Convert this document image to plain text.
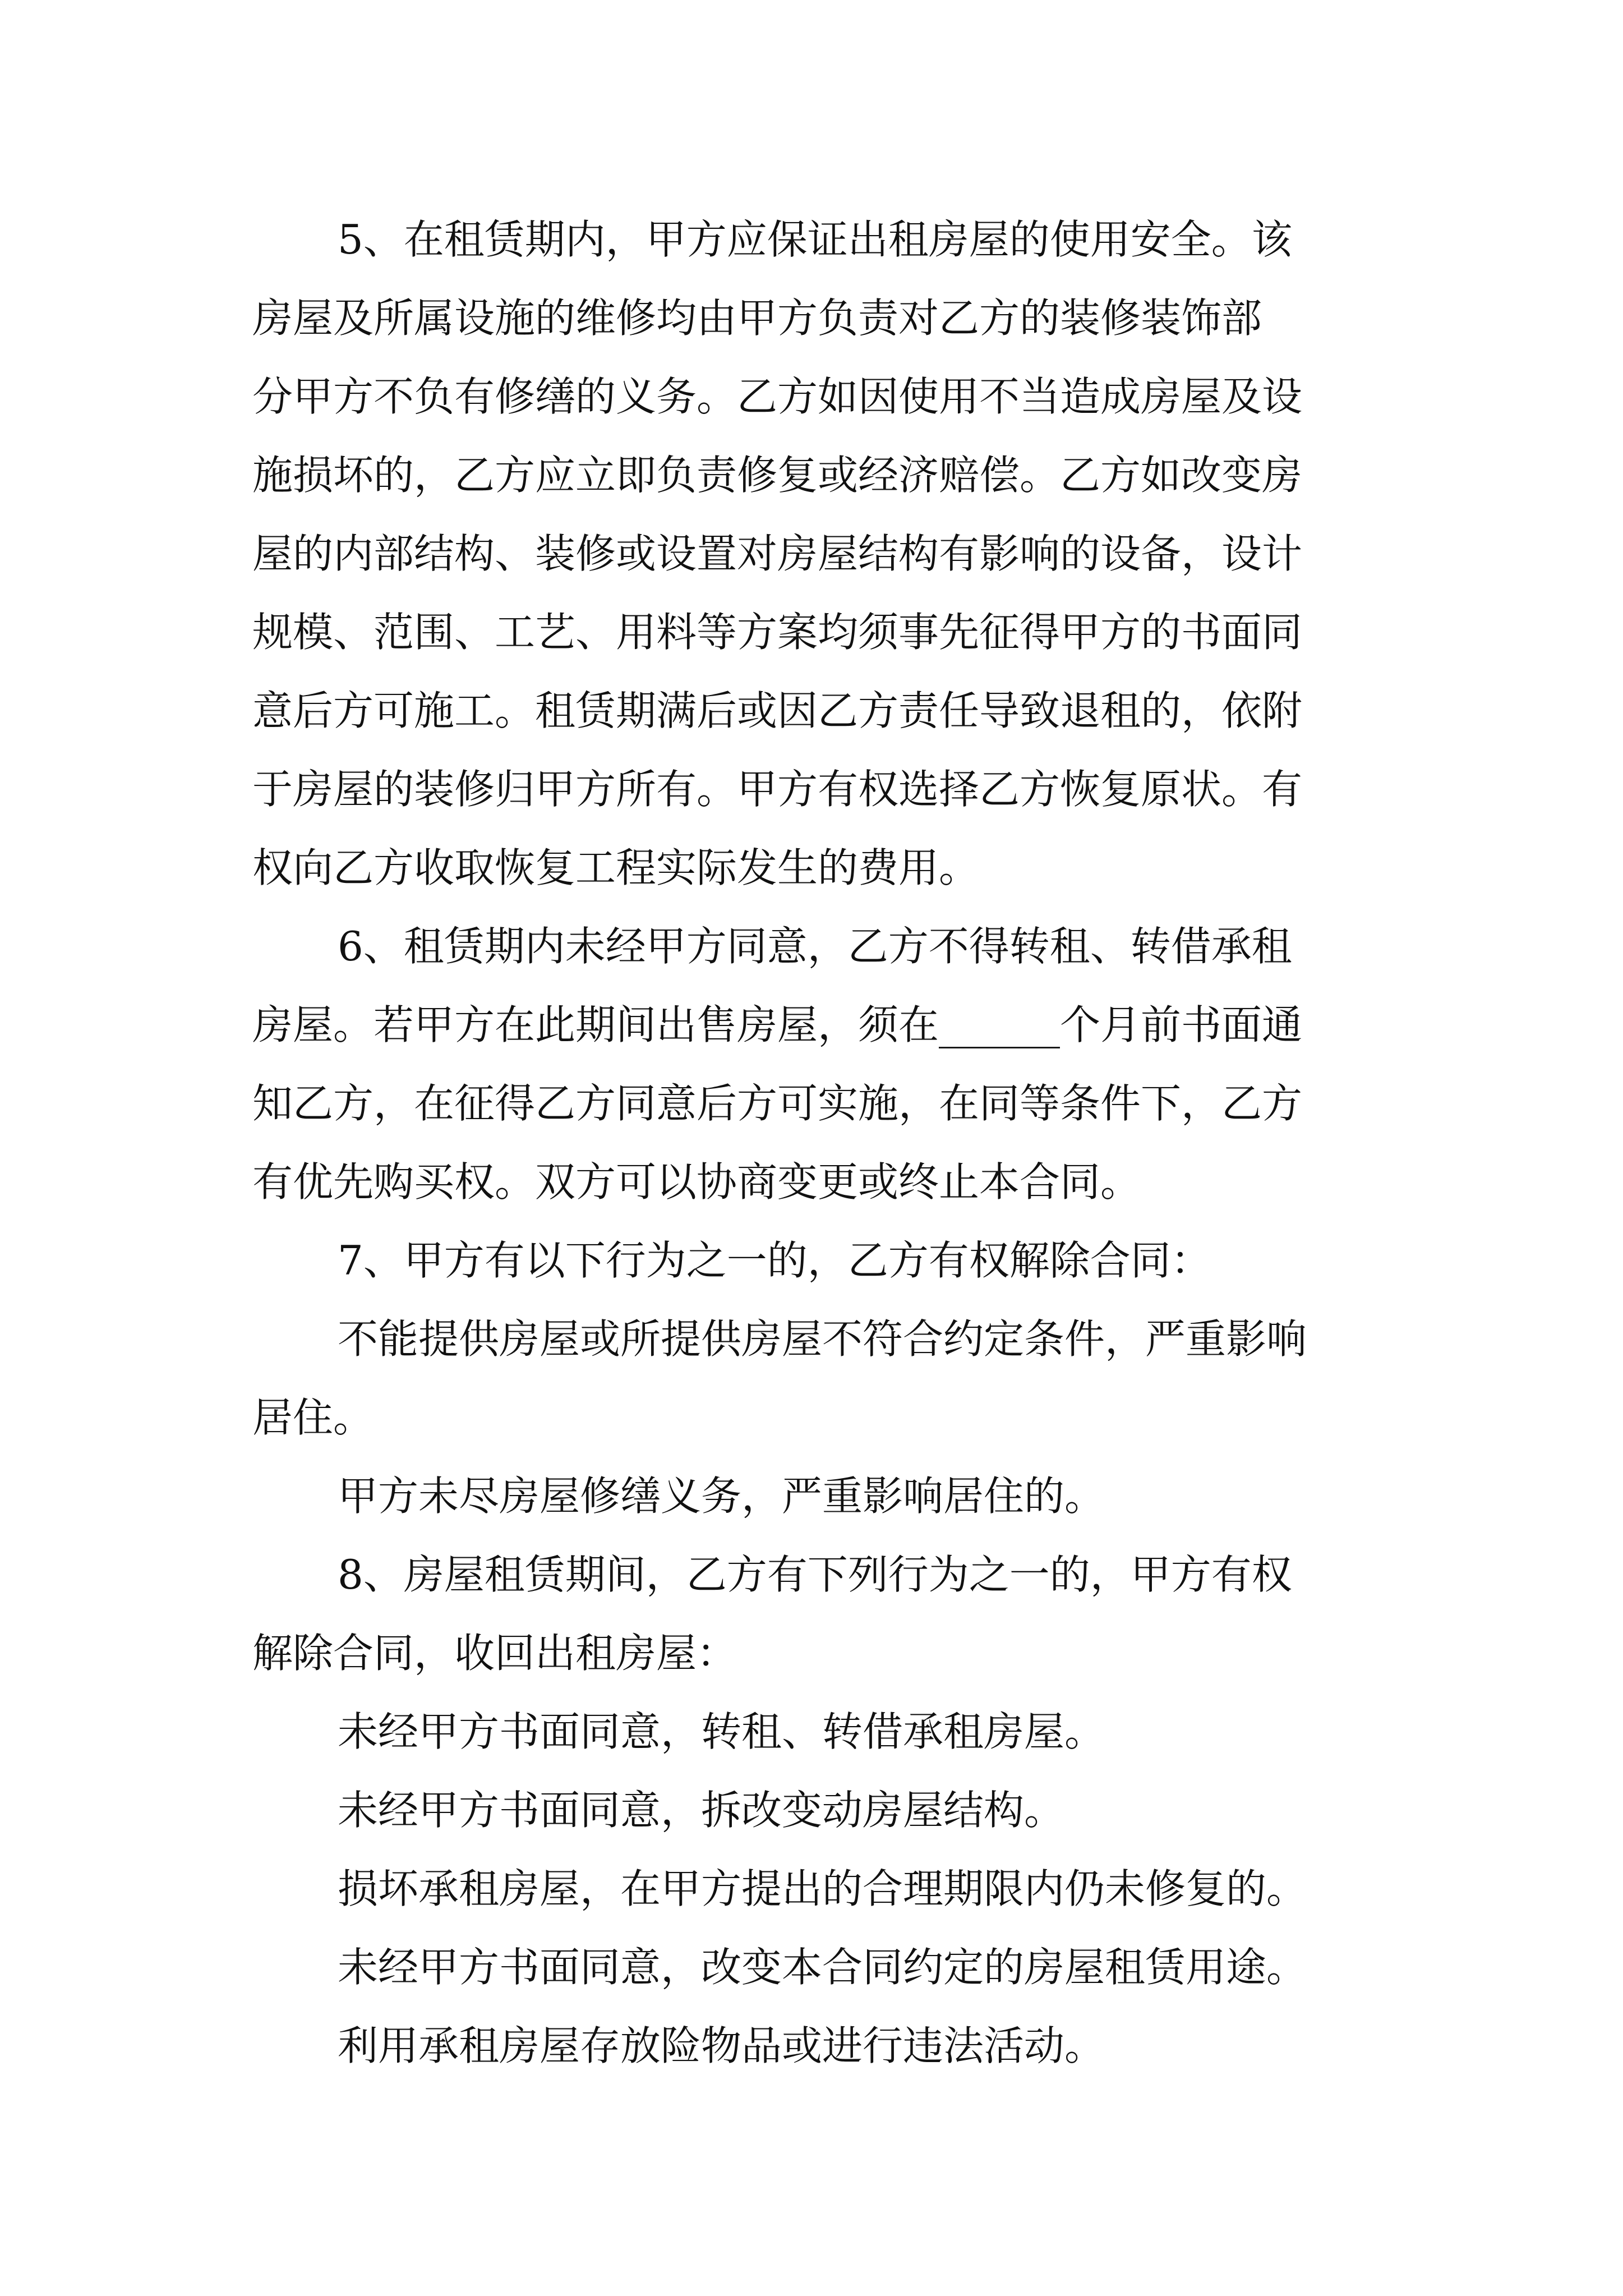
5、在租赁期内，甲方应保证出租房屋的使用安全。该
房屋及所属设施的维修均由甲方负责对乙方的装修装饰部
分甲方不负有修缮的义务。乙方如因使用不当造成房屋及设
施损坏的，乙方应立即负责修复或经济赔偿。乙方如改变房
屋的内部结构、装修或设置对房屋结构有影响的设备，设计
规模、范围、工艺、用料等方案均须事先征得甲方的书面同
意后方可施工。租赁期满后或因乙方责任导致退租的，依附
于房屋的装修归甲方所有。甲方有权选择乙方恢复原状。有
权向乙方收取恢复工程实际发生的费用。
6、租赁期内未经甲方同意，乙方不得转租、转借承租
房屋。若甲方在此期间出售房屋，须在______个月前书面通
知乙方，在征得乙方同意后方可实施，在同等条件下，乙方
有优先购买权。双方可以协商变更或终止本合同。
7、甲方有以下行为之一的，乙方有权解除合同：
不能提供房屋或所提供房屋不符合约定条件，严重影响
居住。
甲方未尽房屋修缮义务，严重影响居住的。
8、房屋租赁期间，乙方有下列行为之一的，甲方有权
解除合同，收回出租房屋：
未经甲方书面同意，转租、转借承租房屋。
未经甲方书面同意，拆改变动房屋结构。
损坏承租房屋，在甲方提出的合理期限内仍未修复的。
未经甲方书面同意，改变本合同约定的房屋租赁用途。
利用承租房屋存放险物品或进行违法活动。
